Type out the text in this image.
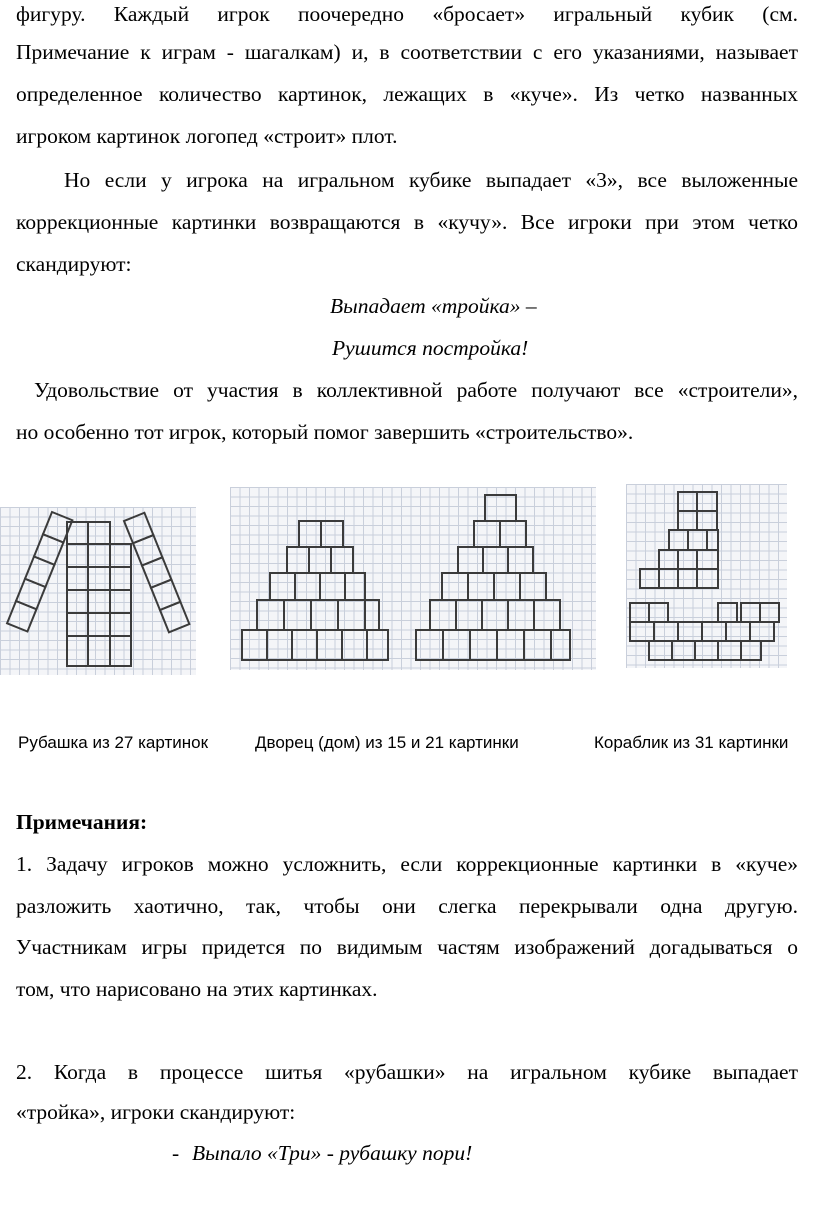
фигуру. Каждый игрок поочередно «бросает» игральный кубик (см.
Примечание к играм - шагалкам) и, в соответствии с его указаниями, называет
определенное количество картинок, лежащих в «куче». Из четко названных
игроком картинок логопед «строит» плот.
Но если у игрока на игральном кубике выпадает «3», все выложенные
коррекционные картинки возвращаются в «кучу». Все игроки при этом четко
скандируют:
Выпадает «тройка» –
Рушится постройка!
Удовольствие от участия в коллективной работе получают все «строители»,
но особенно тот игрок, который помог завершить «строительство».
Рубашка из 27 картинок	Дворец (дом) из 15 и 21 картинки	Кораблик из 31 картинки
Примечания:
1. Задачу игроков можно усложнить, если коррекционные картинки в «куче»
разложить хаотично, так, чтобы они слегка перекрывали одна другую.
Участникам игры придется по видимым частям изображений догадываться о
том, что нарисовано на этих картинках.
2. Когда в процессе шитья «рубашки» на игральном кубике выпадает
«тройка», игроки скандируют:
- Выпало «Три» - рубашку пори!
